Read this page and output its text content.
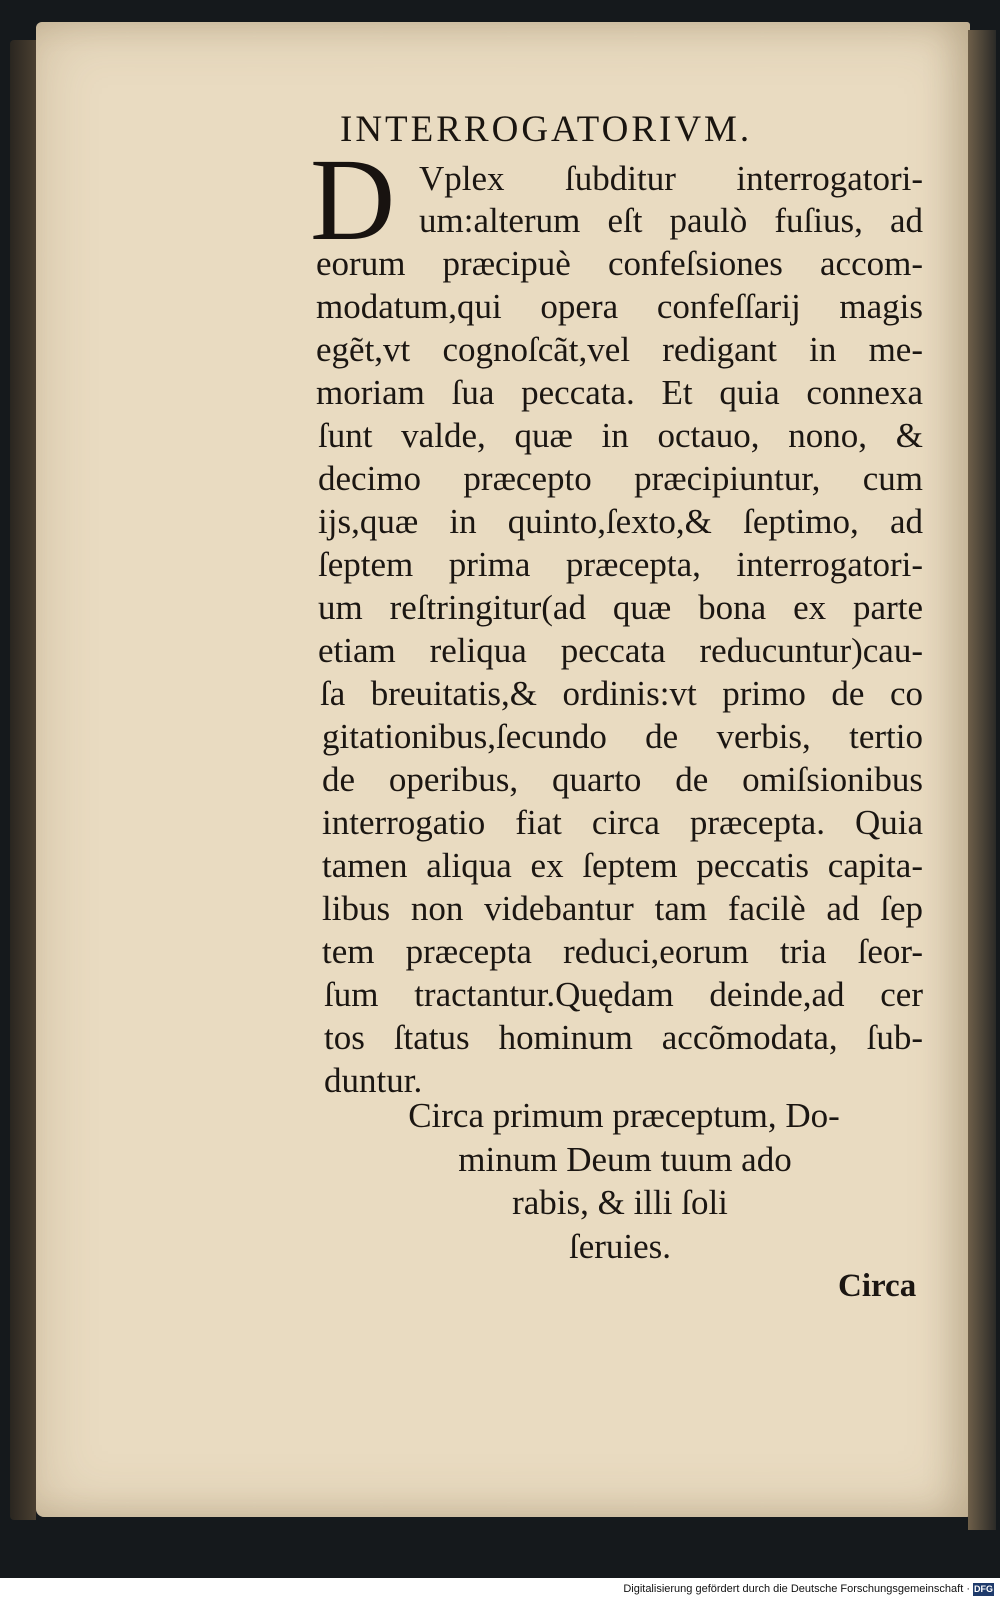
INTERROGATORIVM.
D Vplex ſubditur interrogatori-
um:alterum eſt paulò fuſius, ad
eorum præcipuè confeſsiones accom-
modatum,qui opera confeſſarij magis
egẽt,vt cognoſcãt,vel redigant in me-
moriam ſua peccata. Et quia connexa
ſunt valde, quæ in octauo, nono, &
decimo præcepto præcipiuntur, cum
ijs,quæ in quinto,ſexto,& ſeptimo, ad
ſeptem prima præcepta, interrogatori-
um reſtringitur(ad quæ bona ex parte
etiam reliqua peccata reducuntur)cau-
ſa breuitatis,& ordinis:vt primo de co
gitationibus,ſecundo de verbis, tertio
de operibus, quarto de omiſsionibus
interrogatio fiat circa præcepta. Quia
tamen aliqua ex ſeptem peccatis capita-
libus non videbantur tam facilè ad ſep
tem præcepta reduci,eorum tria ſeor-
ſum tractantur.Quędam deinde,ad cer
tos ſtatus hominum accõmodata, ſub-
duntur.
Circa primum præceptum, Do-
minum Deum tuum ado
rabis, & illi ſoli
ſeruies.
Circa
Digitalisierung gefördert durch die Deutsche Forschungsgemeinschaft · DFG
